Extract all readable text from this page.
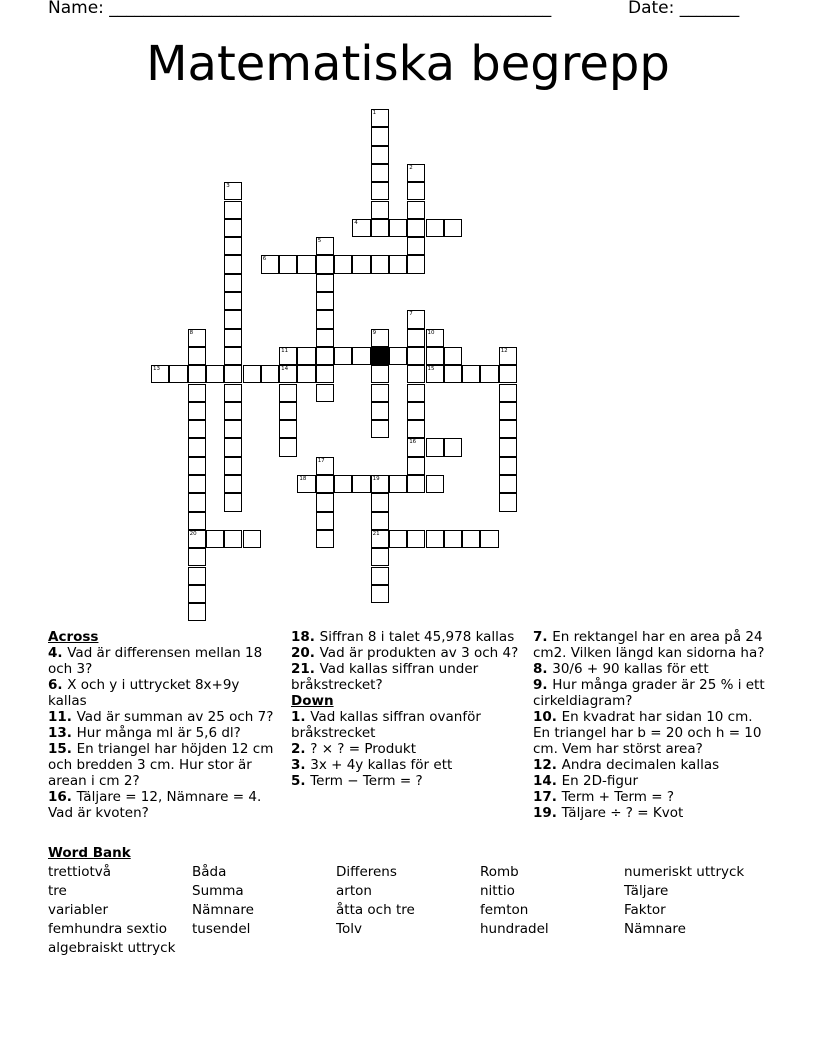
Name: ____________________________________________________	Date: _______
Matematiska begrepp
1
2
3
4
5
6
7
16
8
20
9	10
15
11	12
13	14
17
18	19
21
Across
4. Vad är differensen mellan 18 och 3?
6. X och y i uttrycket 8x+9y kallas
11. Vad är summan av 25 och 7?
13. Hur många ml är 5,6 dl?
15. En triangel har höjden 12 cm och bredden 3 cm. Hur stor är arean i cm 2?
16. Täljare = 12, Nämnare = 4. Vad är kvoten?
18. Siffran 8 i talet 45,978 kallas
20. Vad är produkten av 3 och 4?
21. Vad kallas siffran under bråkstrecket?
Down
1. Vad kallas siffran ovanför bråkstrecket
2. ? × ? = Produkt
3. 3x + 4y kallas för ett
5. Term − Term = ?
7. En rektangel har en area på 24 cm2. Vilken längd kan sidorna ha?
8. 30/6 + 90 kallas för ett
9. Hur många grader är 25 % i ett cirkeldiagram?
10. En kvadrat har sidan 10 cm. En triangel har b = 20 och h = 10 cm. Vem har störst area?
12. Andra decimalen kallas
14. En 2D-figur
17. Term + Term = ?
19. Täljare ÷ ? = Kvot
Word Bank
trettiotvå
tre
variabler
femhundra sextio
algebraiskt uttryck
Båda
Summa
Nämnare
tusendel
Differens
arton
åtta och tre
Tolv
Romb
nittio
femton
hundradel
numeriskt uttryck
Täljare
Faktor
Nämnare
